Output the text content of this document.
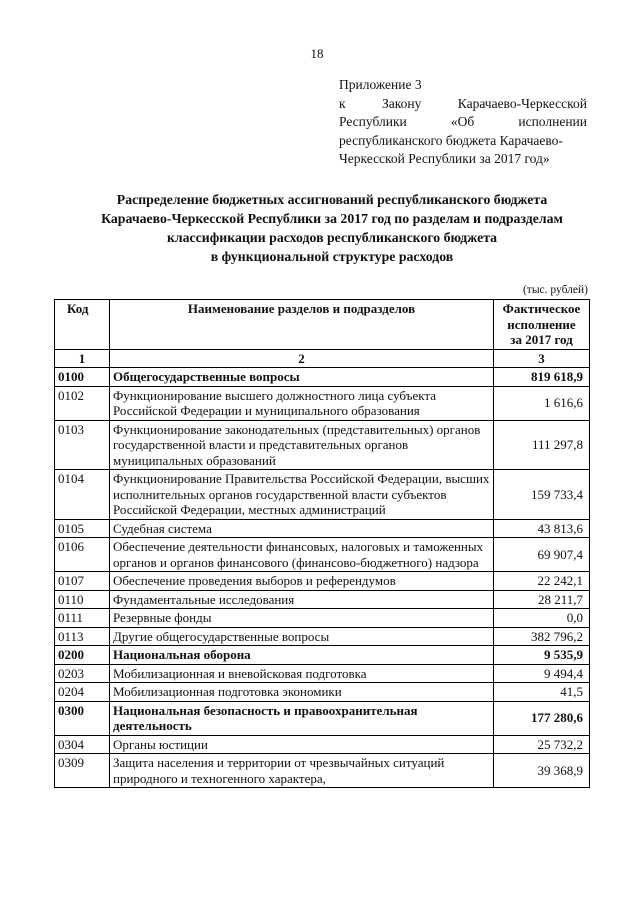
18
Приложение 3
к	Закону	Карачаево-Черкесской
Республики	«Об	исполнении
республиканского бюджета Карачаево-
Черкесской Республики за 2017 год»
Распределение бюджетных ассигнований республиканского бюджета
Карачаево-Черкесской Республики за 2017 год по разделам и подразделам
классификации расходов республиканского бюджета
в функциональной структуре расходов
(тыс. рублей)
Код	Наименование разделов и подразделов	Фактическое
исполнение
за 2017 год

1	2	3
0100	Общегосударственные вопросы	819 618,9
0102	Функционирование высшего должностного лица субъекта Российской Федерации и муниципального образования	1 616,6
0103	Функционирование законодательных (представительных) органов государственной власти и представительных органов муниципальных образований	111 297,8
0104	Функционирование Правительства Российской Федерации, высших исполнительных органов государственной власти субъектов Российской Федерации, местных администраций	159 733,4
0105	Судебная система	43 813,6
0106	Обеспечение деятельности финансовых, налоговых и таможенных органов и органов финансового (финансово-бюджетного) надзора	69 907,4
0107	Обеспечение проведения выборов и референдумов	22 242,1
0110	Фундаментальные исследования	28 211,7
0111	Резервные фонды	0,0
0113	Другие общегосударственные вопросы	382 796,2
0200	Национальная оборона	9 535,9
0203	Мобилизационная и вневойсковая подготовка	9 494,4
0204	Мобилизационная подготовка экономики	41,5
0300	Национальная безопасность и правоохранительная деятельность	177 280,6
0304	Органы юстиции	25 732,2
0309	Защита населения и территории от чрезвычайных ситуаций природного и техногенного характера,	39 368,9
